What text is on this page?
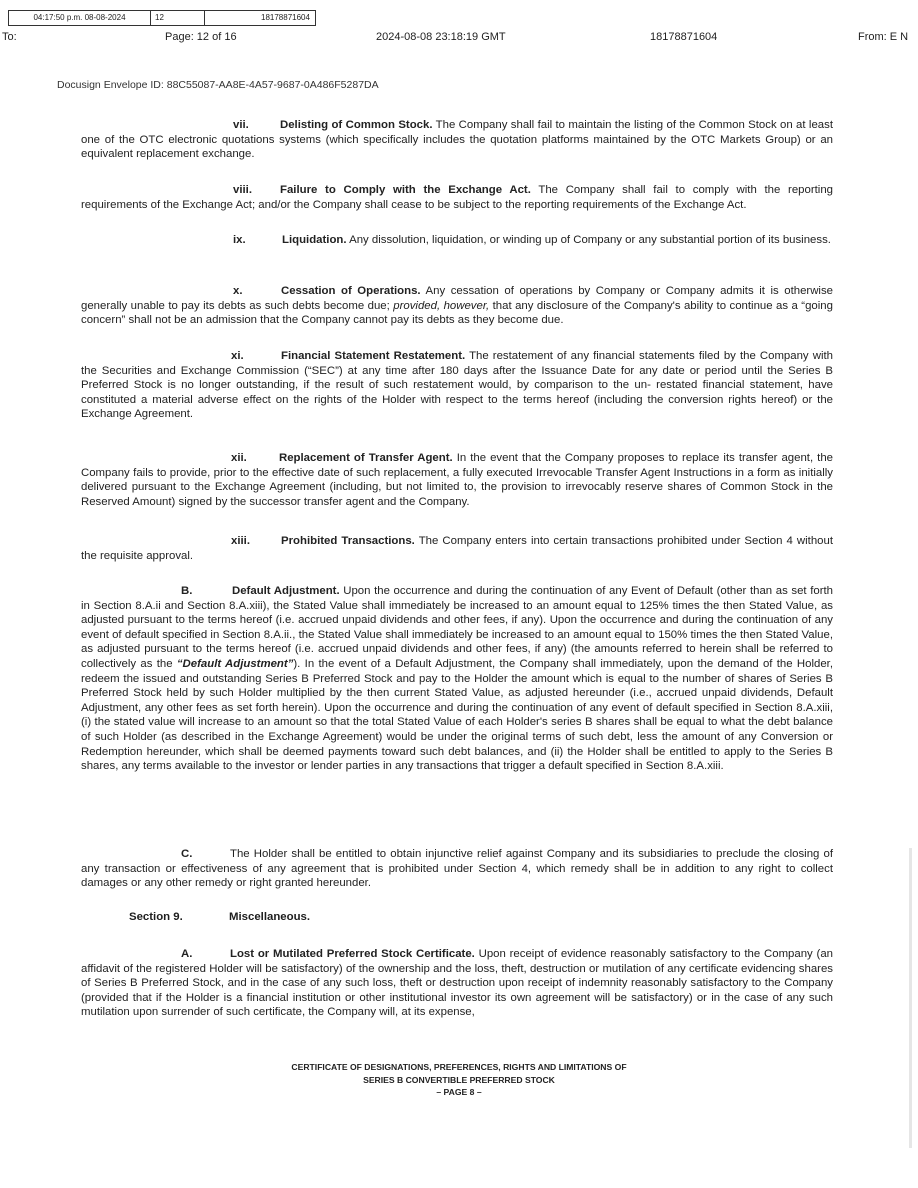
04:17:50 p.m. 08-08-2024	12	18178871604
To:	Page: 12 of 16	2024-08-08 23:18:19 GMT	18178871604	From: E N
Docusign Envelope ID: 88C55087-AA8E-4A57-9687-0A486F5287DA

vii.	Delisting of Common Stock. The Company shall fail to maintain the listing of the Common Stock on at least one of the OTC electronic quotations systems (which specifically includes the quotation platforms maintained by the OTC Markets Group) or an equivalent replacement exchange.

viii. Failure to Comply with the Exchange Act. The Company shall fail to comply with the reporting requirements of the Exchange Act; and/or the Company shall cease to be subject to the reporting requirements of the Exchange Act.

ix.	Liquidation. Any dissolution, liquidation, or winding up of Company or any substantial portion of its business.

x.	Cessation of Operations. Any cessation of operations by Company or Company admits it is otherwise generally unable to pay its debts as such debts become due; provided, however, that any disclosure of the Company's ability to continue as a “going concern” shall not be an admission that the Company cannot pay its debts as they become due.

xi.	Financial Statement Restatement. The restatement of any financial statements filed by the Company with the Securities and Exchange Commission (“SEC”) at any time after 180 days after the Issuance Date for any date or period until the Series B Preferred Stock is no longer outstanding, if the result of such restatement would, by comparison to the un- restated financial statement, have constituted a material adverse effect on the rights of the Holder with respect to the terms hereof (including the conversion rights hereof) or the Exchange Agreement.

xii.	Replacement of Transfer Agent. In the event that the Company proposes to replace its transfer agent, the Company fails to provide, prior to the effective date of such replacement, a fully executed Irrevocable Transfer Agent Instructions in a form as initially delivered pursuant to the Exchange Agreement (including, but not limited to, the provision to irrevocably reserve shares of Common Stock in the Reserved Amount) signed by the successor transfer agent and the Company.

xiii.	Prohibited Transactions. The Company enters into certain transactions prohibited under Section 4 without the requisite approval.

B.	Default Adjustment. Upon the occurrence and during the continuation of any Event of Default (other than as set forth in Section 8.A.ii and Section 8.A.xiii), the Stated Value shall immediately be increased to an amount equal to 125% times the then Stated Value, as adjusted pursuant to the terms hereof (i.e. accrued unpaid dividends and other fees, if any). Upon the occurrence and during the continuation of any event of default specified in Section 8.A.ii., the Stated Value shall immediately be increased to an amount equal to 150% times the then Stated Value, as adjusted pursuant to the terms hereof (i.e. accrued unpaid dividends and other fees, if any) (the amounts referred to herein shall be referred to collectively as the “Default Adjustment”). In the event of a Default Adjustment, the Company shall immediately, upon the demand of the Holder, redeem the issued and outstanding Series B Preferred Stock and pay to the Holder the amount which is equal to the number of shares of Series B Preferred Stock held by such Holder multiplied by the then current Stated Value, as adjusted hereunder (i.e., accrued unpaid dividends, Default Adjustment, any other fees as set forth herein). Upon the occurrence and during the continuation of any event of default specified in Section 8.A.xiii, (i) the stated value will increase to an amount so that the total Stated Value of each Holder's series B shares shall be equal to what the debt balance of such Holder (as described in the Exchange Agreement) would be under the original terms of such debt, less the amount of any Conversion or Redemption hereunder, which shall be deemed payments toward such debt balances, and (ii) the Holder shall be entitled to apply to the Series B shares, any terms available to the investor or lender parties in any transactions that trigger a default specified in Section 8.A.xiii.

C.	The Holder shall be entitled to obtain injunctive relief against Company and its subsidiaries to preclude the closing of any transaction or effectiveness of any agreement that is prohibited under Section 4, which remedy shall be in addition to any right to collect damages or any other remedy or right granted hereunder.

Section 9.	Miscellaneous.

A.	Lost or Mutilated Preferred Stock Certificate. Upon receipt of evidence reasonably satisfactory to the Company (an affidavit of the registered Holder will be satisfactory) of the ownership and the loss, theft, destruction or mutilation of any certificate evidencing shares of Series B Preferred Stock, and in the case of any such loss, theft or destruction upon receipt of indemnity reasonably satisfactory to the Company (provided that if the Holder is a financial institution or other institutional investor its own agreement will be satisfactory) or in the case of any such mutilation upon surrender of such certificate, the Company will, at its expense,

CERTIFICATE OF DESIGNATIONS, PREFERENCES, RIGHTS AND LIMITATIONS OF
SERIES B CONVERTIBLE PREFERRED STOCK
– PAGE 8 –
